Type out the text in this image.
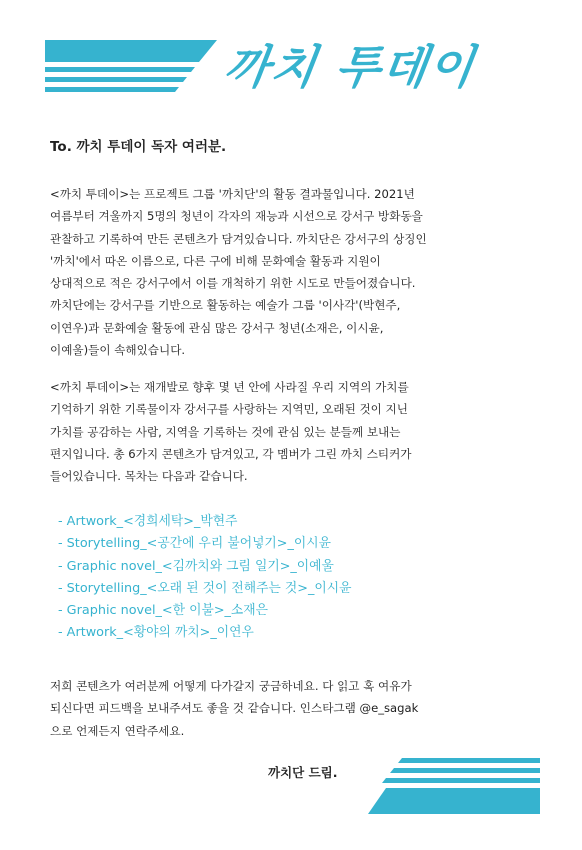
까치 투데이
To. 까치 투데이 독자 여러분.
<까치 투데이>는 프로젝트 그룹 '까치단'의 활동 결과물입니다. 2021년
여름부터 겨울까지 5명의 청년이 각자의 재능과 시선으로 강서구 방화동을
관찰하고 기록하여 만든 콘텐츠가 담겨있습니다. 까치단은 강서구의 상징인
'까치'에서 따온 이름으로, 다른 구에 비해 문화예술 활동과 지원이
상대적으로 적은 강서구에서 이를 개척하기 위한 시도로 만들어졌습니다.
까치단에는 강서구를 기반으로 활동하는 예술가 그룹 '이사각'(박현주,
이연우)과 문화예술 활동에 관심 많은 강서구 청년(소재은, 이시윤,
이예울)들이 속해있습니다.
<까치 투데이>는 재개발로 향후 몇 년 안에 사라질 우리 지역의 가치를
기억하기 위한 기록물이자 강서구를 사랑하는 지역민, 오래된 것이 지닌
가치를 공감하는 사람, 지역을 기록하는 것에 관심 있는 분들께 보내는
편지입니다. 총 6가지 콘텐츠가 담겨있고, 각 멤버가 그린 까치 스티커가
들어있습니다. 목차는 다음과 같습니다.
- Artwork_<경희세탁>_박현주
- Storytelling_<공간에 우리 불어넣기>_이시윤
- Graphic novel_<김까치와 그림 일기>_이예울
- Storytelling_<오래 된 것이 전해주는 것>_이시윤
- Graphic novel_<한 이불>_소재은
- Artwork_<황야의 까치>_이연우
저희 콘텐츠가 여러분께 어떻게 다가갈지 궁금하네요. 다 읽고 혹 여유가
되신다면 피드백을 보내주셔도 좋을 것 같습니다. 인스타그램 @e_sagak
으로 언제든지 연락주세요.
까치단 드림.
